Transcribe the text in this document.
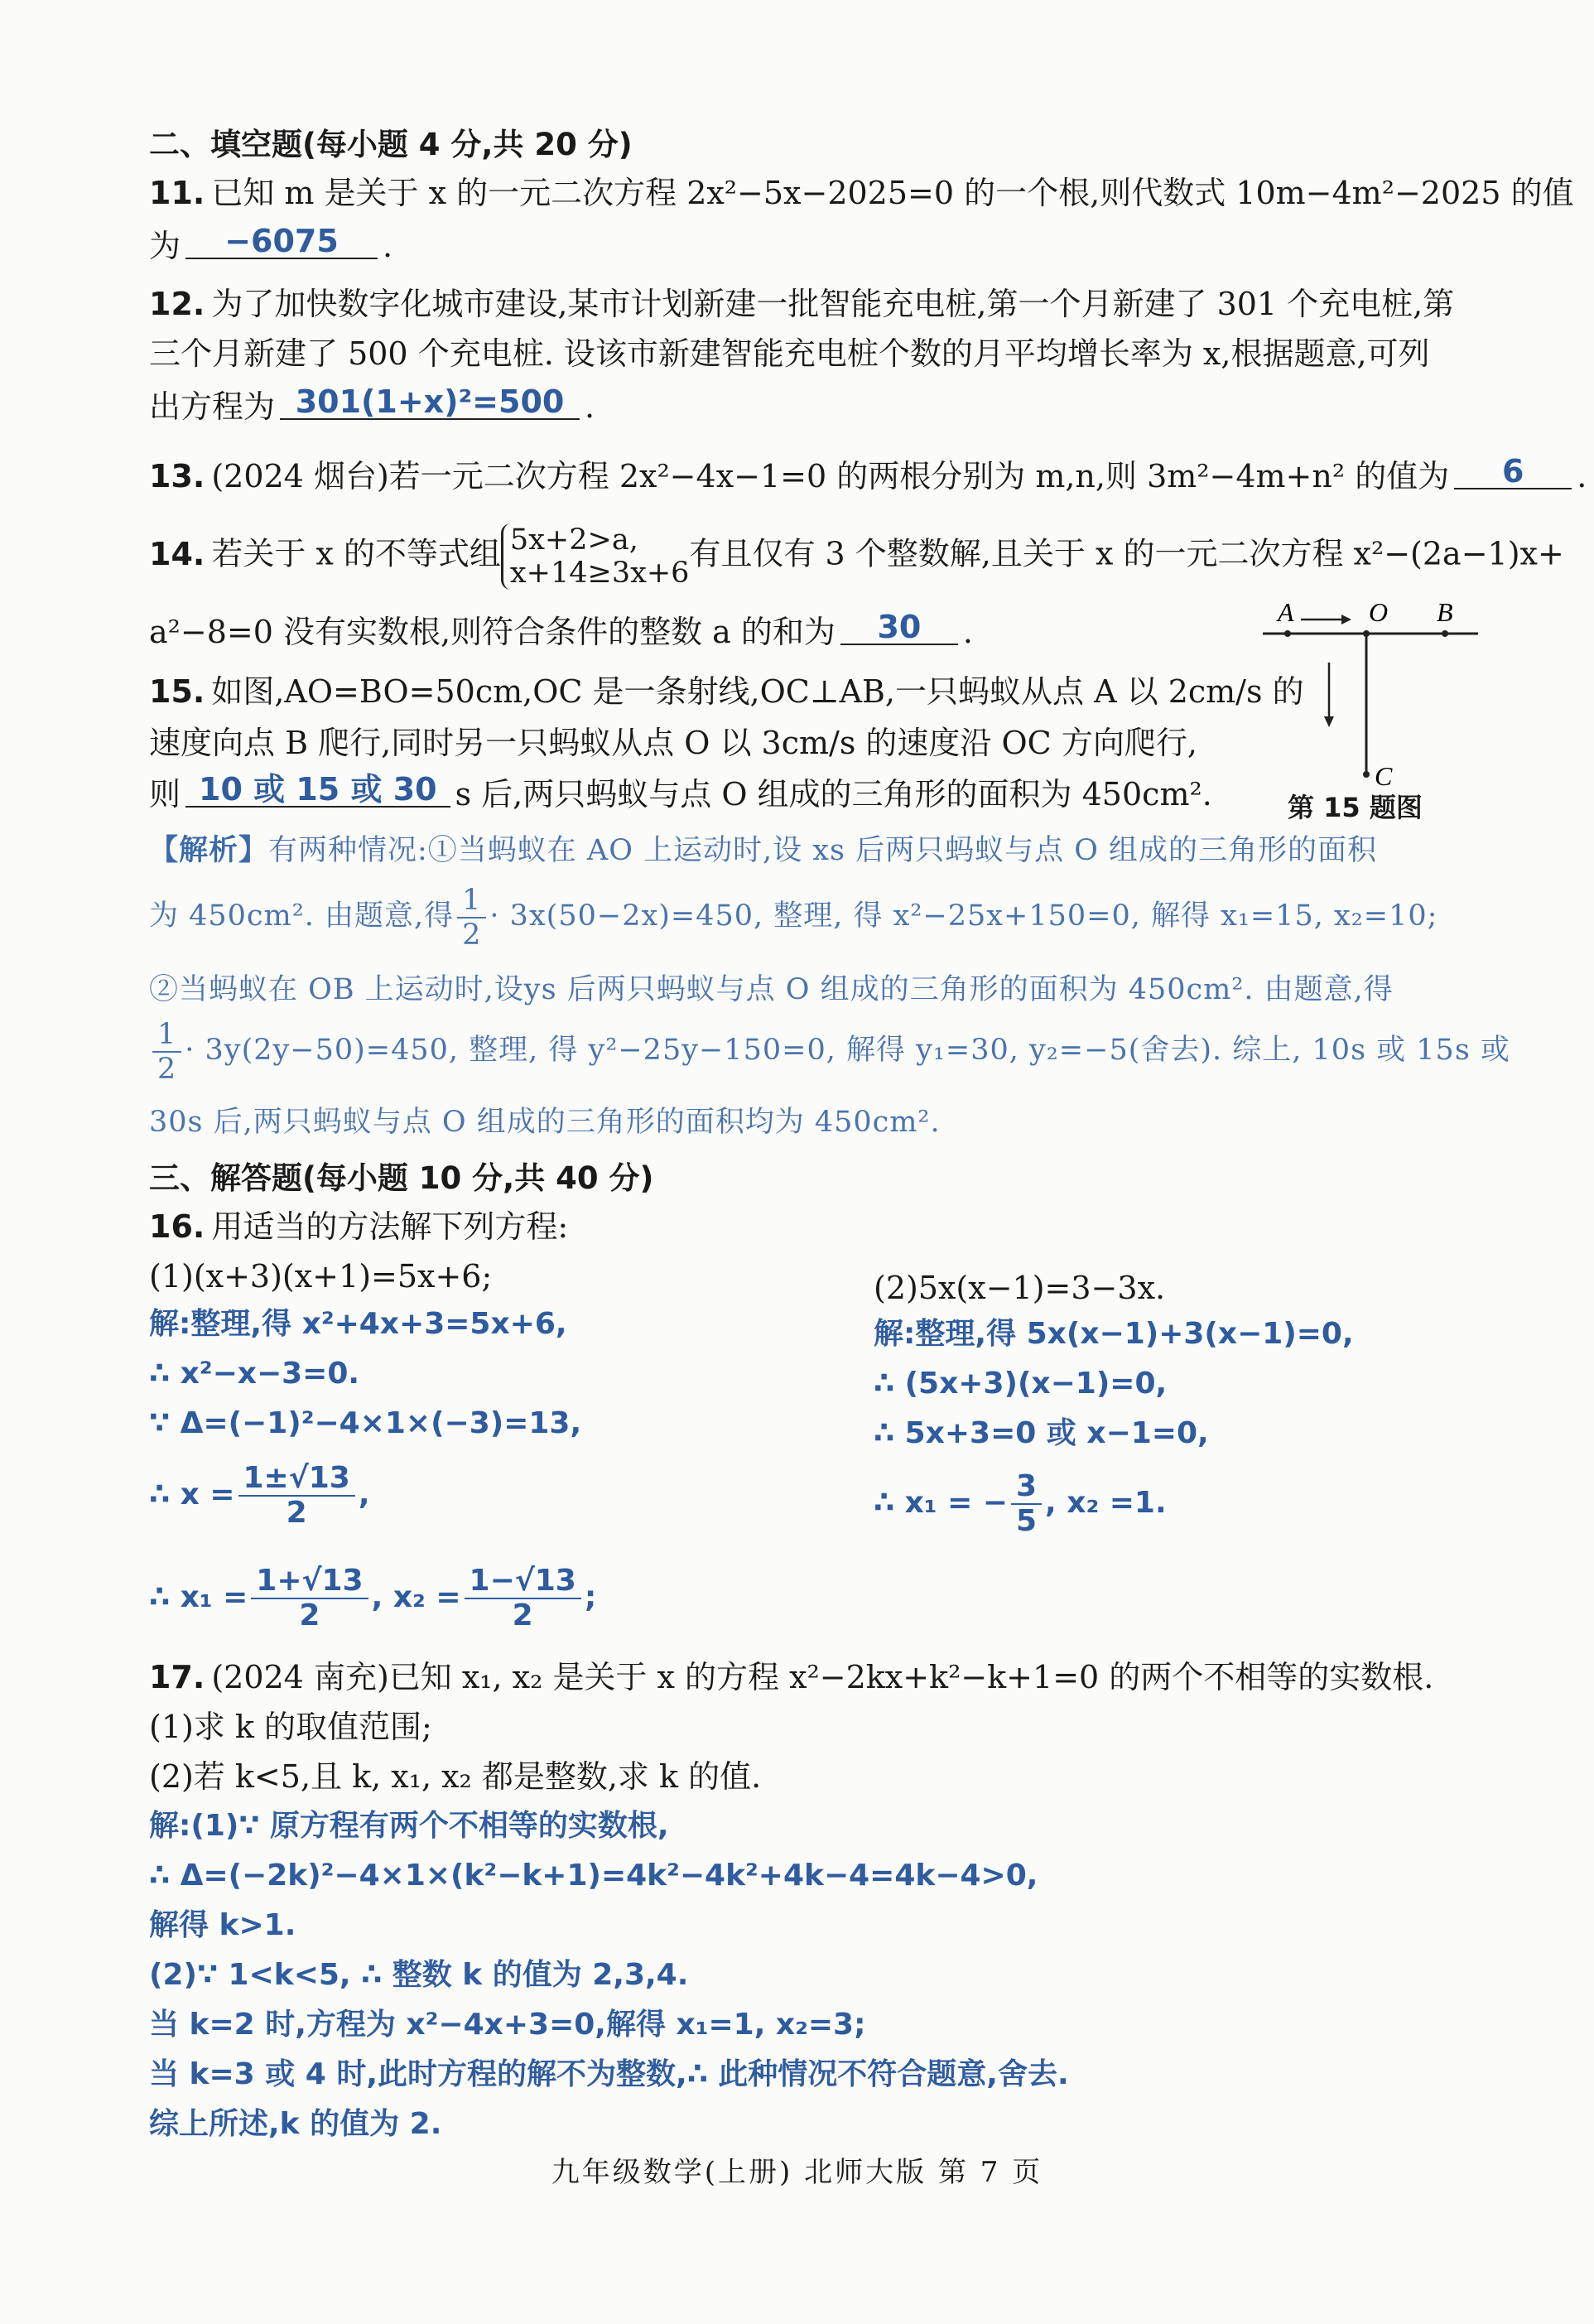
二、填空题(每小题 4 分,共 20 分)
11. 已知 m 是关于 x 的一元二次方程 2x²−5x−2025=0 的一个根,则代数式 10m−4m²−2025 的值
为 −6075 .
12. 为了加快数字化城市建设,某市计划新建一批智能充电桩,第一个月新建了 301 个充电桩,第
三个月新建了 500 个充电桩. 设该市新建智能充电桩个数的月平均增长率为 x,根据题意,可列
出方程为 301(1+x)²=500 .
13. (2024 烟台)若一元二次方程 2x²−4x−1=0 的两根分别为 m,n,则 3m²−4m+n² 的值为 6 .
14. 若关于 x 的不等式组 5x+2>a,
x+14≥3x+6
有且仅有 3 个整数解,且关于 x 的一元二次方程 x²−(2a−1)x+
a²−8=0 没有实数根,则符合条件的整数 a 的和为 30 .
15. 如图,AO=BO=50cm,OC 是一条射线,OC⊥AB,一只蚂蚁从点 A 以 2cm/s 的
速度向点 B 爬行,同时另一只蚂蚁从点 O 以 3cm/s 的速度沿 OC 方向爬行,
则 10 或 15 或 30 s 后,两只蚂蚁与点 O 组成的三角形的面积为 450cm².
A	O B
C
第 15 题图
【解析】有两种情况:①当蚂蚁在 AO 上运动时,设 xs 后两只蚂蚁与点 O 组成的三角形的面积
为 450cm². 由题意,得 $\frac{1}{2} \cdot 3x(50-2x)=450$, 整理, 得 x²−25x+150=0, 解得 x₁=15, x₂=10;
②当蚂蚁在 OB 上运动时,设ys 后两只蚂蚁与点 O 组成的三角形的面积为 450cm². 由题意,得
$\frac{1}{2} \cdot 3y(2y-50)=450$, 整理, 得 y²−25y−150=0, 解得 y₁=30, y₂=−5(舍去). 综上, 10s 或 15s 或
30s 后,两只蚂蚁与点 O 组成的三角形的面积均为 450cm².
三、解答题(每小题 10 分,共 40 分)
16. 用适当的方法解下列方程:
(1)(x+3)(x+1)=5x+6;	(2)5x(x−1)=3−3x.
解:整理,得 x²+4x+3=5x+6,
∴ x²−x−3=0.
∵ Δ=(−1)²−4×1×(−3)=13,
∴ $x = \frac{1\pm√13}{2}$ ,
∴ $x_1 = \frac{1+√13}{2}$ , $x_2 = \frac{1-√13}{2}$ ;
解:整理,得 5x(x−1)+3(x−1)=0,
∴ (5x+3)(x−1)=0,
∴ 5x+3=0 或 x−1=0,
∴ x₁ = − $\frac{3}{5}$ , x₂ =1.
17. (2024 南充)已知 x₁, x₂ 是关于 x 的方程 x²−2kx+k²−k+1=0 的两个不相等的实数根.
(1)求 k 的取值范围;
(2)若 k<5,且 k, x₁, x₂ 都是整数,求 k 的值.
解:(1)∵ 原方程有两个不相等的实数根,
∴ Δ=(−2k)²−4×1×(k²−k+1)=4k²−4k²+4k−4=4k−4>0,
解得 k>1.
(2)∵ 1<k<5, ∴ 整数 k 的值为 2,3,4.
当 k=2 时,方程为 x²−4x+3=0,解得 x₁=1, x₂=3;
当 k=3 或 4 时,此时方程的解不为整数,∴ 此种情况不符合题意,舍去.
综上所述,k 的值为 2.
九年级数学(上册) 北师大版 第 7 页
